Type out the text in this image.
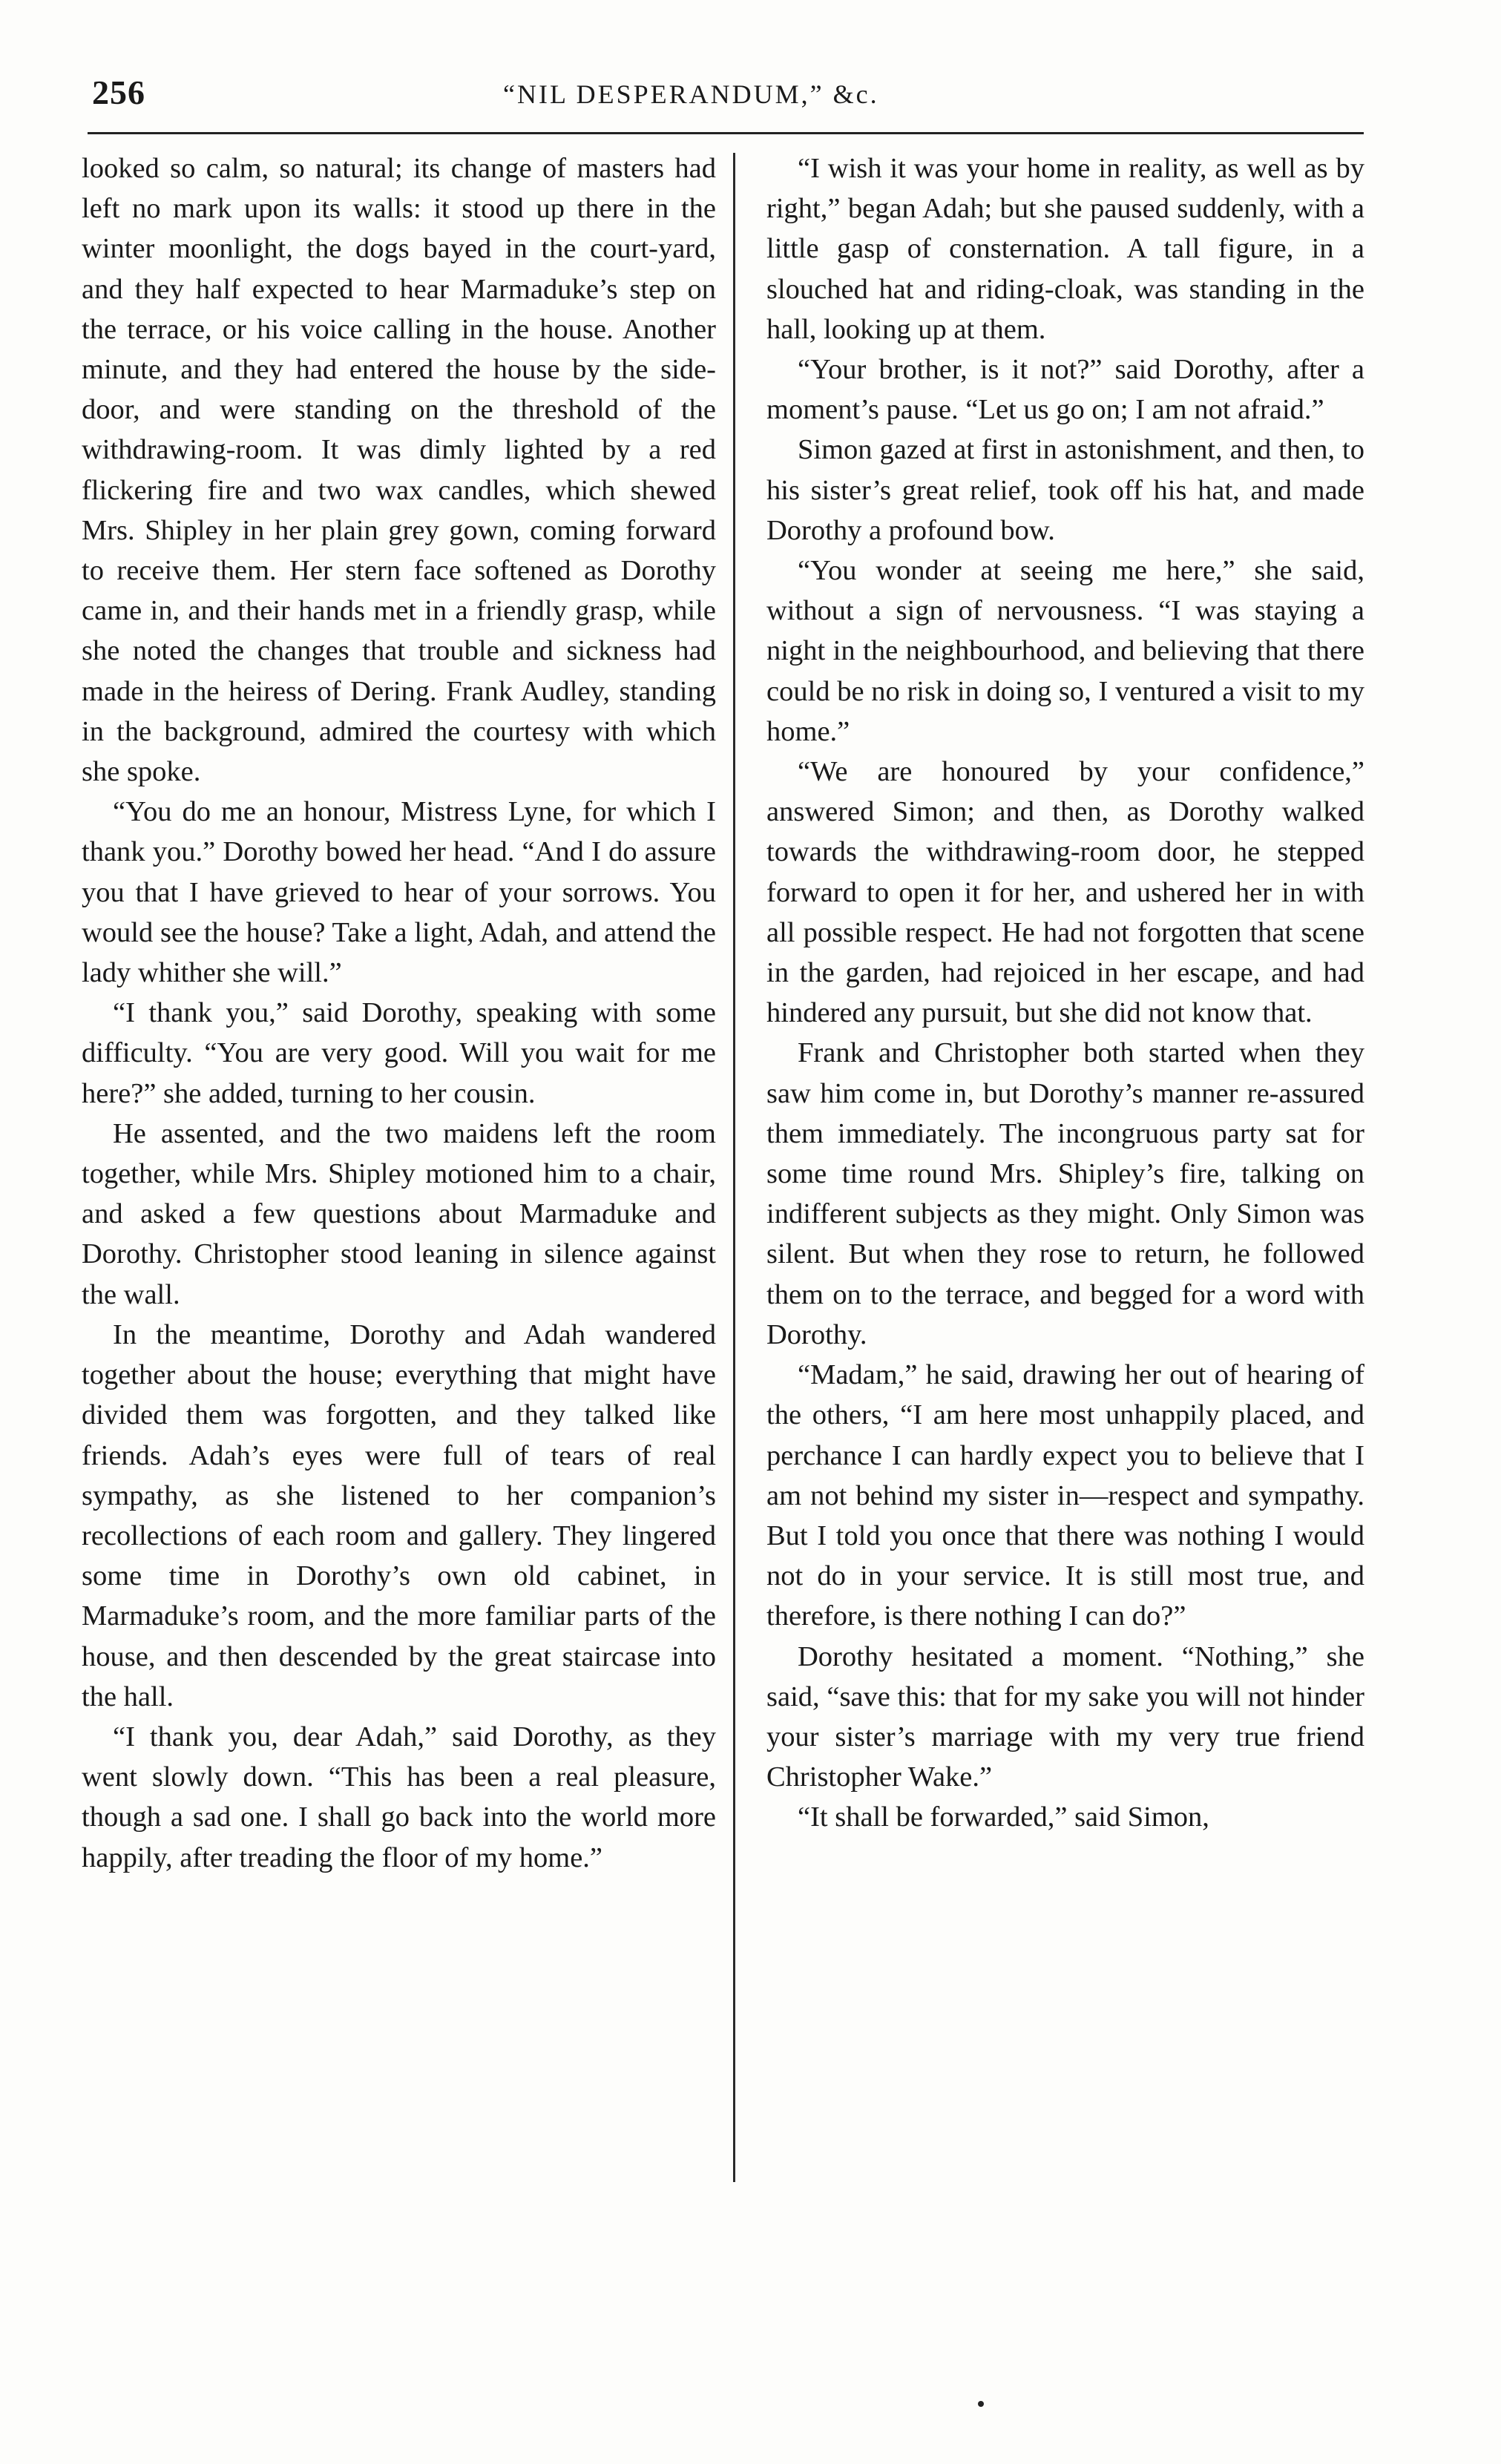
256	“NIL DESPERANDUM,” &c.

looked so calm, so natural; its change of masters had left no mark upon its walls: it stood up there in the winter moonlight, the dogs bayed in the court-yard, and they half expected to hear Marmaduke’s step on the terrace, or his voice calling in the house. Another minute, and they had entered the house by the side-door, and were standing on the threshold of the withdrawing-room. It was dimly lighted by a red flickering fire and two wax candles, which shewed Mrs. Shipley in her plain grey gown, coming forward to receive them. Her stern face softened as Dorothy came in, and their hands met in a friendly grasp, while she noted the changes that trouble and sickness had made in the heiress of Dering. Frank Audley, standing in the background, admired the courtesy with which she spoke.

“You do me an honour, Mistress Lyne, for which I thank you.” Dorothy bowed her head. “And I do assure you that I have grieved to hear of your sorrows. You would see the house? Take a light, Adah, and attend the lady whither she will.”

“I thank you,” said Dorothy, speaking with some difficulty. “You are very good. Will you wait for me here?” she added, turning to her cousin.

He assented, and the two maidens left the room together, while Mrs. Shipley motioned him to a chair, and asked a few questions about Marmaduke and Dorothy. Christopher stood leaning in silence against the wall.

In the meantime, Dorothy and Adah wandered together about the house; everything that might have divided them was forgotten, and they talked like friends. Adah’s eyes were full of tears of real sympathy, as she listened to her companion’s recollections of each room and gallery. They lingered some time in Dorothy’s own old cabinet, in Marmaduke’s room, and the more familiar parts of the house, and then descended by the great staircase into the hall.

“I thank you, dear Adah,” said Dorothy, as they went slowly down. “This has been a real pleasure, though a sad one. I shall go back into the world more happily, after treading the floor of my home.”

“I wish it was your home in reality, as well as by right,” began Adah; but she paused suddenly, with a little gasp of consternation. A tall figure, in a slouched hat and riding-cloak, was standing in the hall, looking up at them.

“Your brother, is it not?” said Dorothy, after a moment’s pause. “Let us go on; I am not afraid.”

Simon gazed at first in astonishment, and then, to his sister’s great relief, took off his hat, and made Dorothy a profound bow.

“You wonder at seeing me here,” she said, without a sign of nervousness. “I was staying a night in the neighbourhood, and believing that there could be no risk in doing so, I ventured a visit to my home.”

“We are honoured by your confidence,” answered Simon; and then, as Dorothy walked towards the withdrawing-room door, he stepped forward to open it for her, and ushered her in with all possible respect. He had not forgotten that scene in the garden, had rejoiced in her escape, and had hindered any pursuit, but she did not know that.

Frank and Christopher both started when they saw him come in, but Dorothy’s manner re-assured them immediately. The incongruous party sat for some time round Mrs. Shipley’s fire, talking on indifferent subjects as they might. Only Simon was silent. But when they rose to return, he followed them on to the terrace, and begged for a word with Dorothy.

“Madam,” he said, drawing her out of hearing of the others, “I am here most unhappily placed, and perchance I can hardly expect you to believe that I am not behind my sister in—respect and sympathy. But I told you once that there was nothing I would not do in your service. It is still most true, and therefore, is there nothing I can do?”

Dorothy hesitated a moment. “Nothing,” she said, “save this: that for my sake you will not hinder your sister’s marriage with my very true friend Christopher Wake.”

“It shall be forwarded,” said Simon,
